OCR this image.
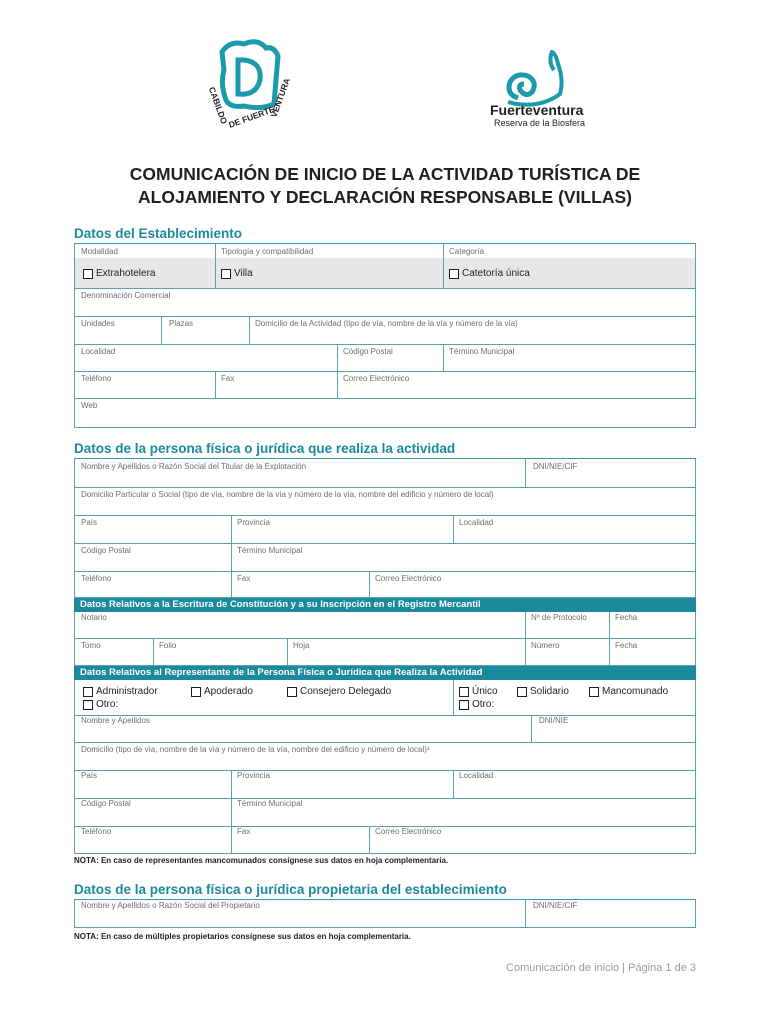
CABILDO
DE FUERTE
VENTURA	Fuerteventura
Reserva de la Biosfera
COMUNICACIÓN DE INICIO DE LA ACTIVIDAD TURÍSTICA DE
ALOJAMIENTO Y DECLARACIÓN RESPONSABLE (VILLAS)
Datos del Establecimiento
Modalidad	Tipología y compatibilidad	Categoría
Extrahotelera	Villa	Catetoría única
Denominación Comercial
Unidades	Plazas	Domicilio de la Actividad (tipo de vía, nombre de la vía y número de la vía)
Localidad	Código Postal	Término Municipal
Teléfono	Fax	Correo Electrónico
Web
Datos de la persona física o jurídica que realiza la actividad
Nombre y Apellidos o Razón Social del Titular de la Explotación	DNI/NIE/CIF
Domicilio Particular o Social (tipo de vía, nombre de la vía y número de la vía, nombre del edificio y número de local)
País	Provincia	Localidad
Código Postal	Término Municipal
Teléfono	Fax	Correo Electrónico
Datos Relativos a la Escritura de Constitución y a su Inscripción en el Registro Mercantil
Notario	Nº de Protocolo	Fecha
Tomo	Folio	Hoja	Número	Fecha
Datos Relativos al Representante de la Persona Física o Jurídica que Realiza la Actividad
Administrador	Apoderado	Consejero Delegado
Otro:
Único	Solidario	Mancomunado
Otro:
Nombre y Apellidos	DNI/NIE
Domicilio (tipo de vía, nombre de la vía y número de la vía, nombre del edificio y número de local)¹
País	Provincia	Localidad
Código Postal	Término Municipal
Teléfono	Fax	Correo Electrónico
NOTA: En caso de representantes mancomunados consígnese sus datos en hoja complementaria.
Datos de la persona física o jurídica propietaria del establecimiento
Nombre y Apellidos o Razón Social del Propietario	DNI/NIE/CIF
NOTA: En caso de múltiples propietarios consígnese sus datos en hoja complementaria.
Comunicación de inicio | Página 1 de 3
